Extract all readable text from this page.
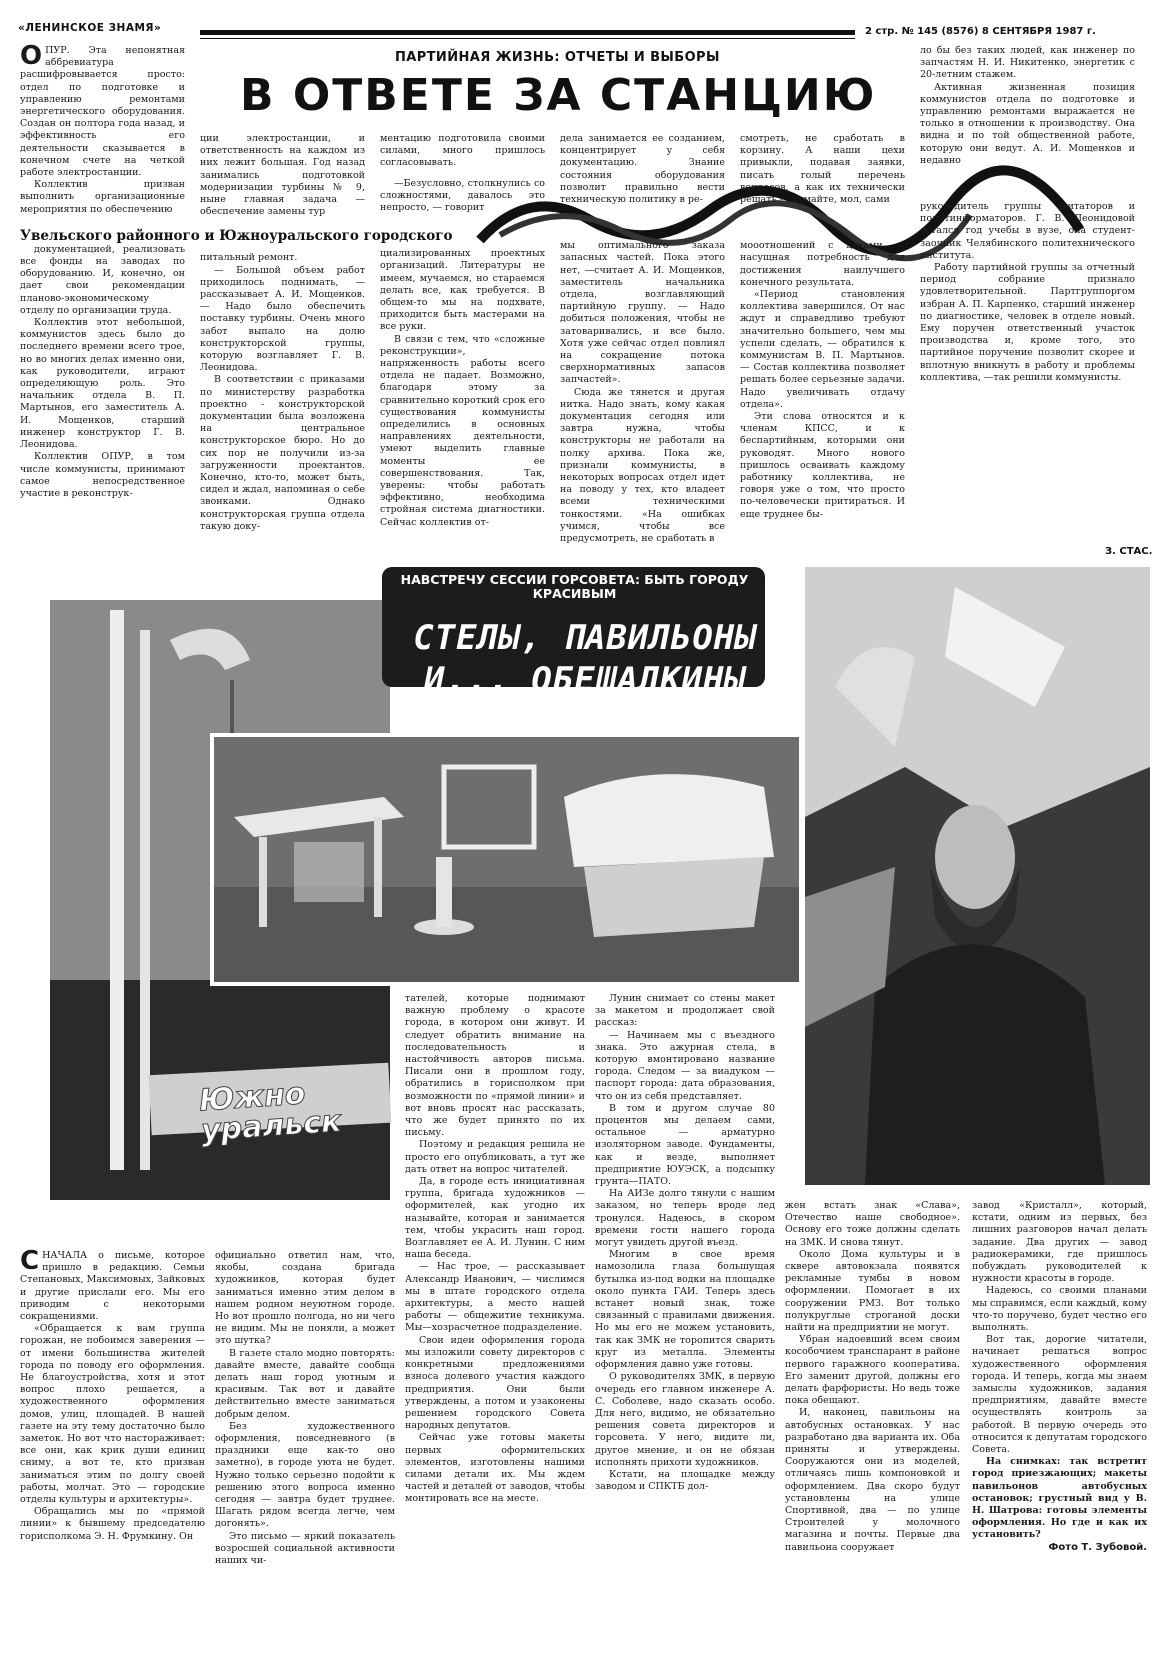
«ЛЕНИНСКОЕ ЗНАМЯ»	2 стр. № 145 (8576) 8 СЕНТЯБРЯ 1987 г.
ПАРТИЙНАЯ ЖИЗНЬ: ОТЧЕТЫ И ВЫБОРЫ
В ОТВЕТЕ ЗА СТАНЦИЮ
Увельского районного и Южноуральского городского
О ПУР. Эта непонятная аббревиатура расшифровывается просто: отдел по подготовке и управлению ремонтами энергетического оборудования. Создан он полтора года назад, и эффективность его деятельности сказывается в конечном счете на четкой работе электростанции.

Коллектив призван выполнить организационные мероприятия по обеспечению

документацией, реализовать все фонды на заводах по оборудованию. И, конечно, он дает свои рекомендации планово-экономическому отделу по организации труда.

Коллектив этот небольшой, коммунистов здесь было до последнего времени всего трое, но во многих делах именно они, как руководители, играют определяющую роль. Это начальник отдела В. П. Мартынов, его заместитель А. И. Мощенков, старший инженер конструктор Г. В. Леонидова.

Коллектив ОПУР, в том числе коммунисты, принимают самое непосредственное участие в реконструк-

ции электростанции, и ответственность на каждом из них лежит большая. Год назад занимались подготовкой модернизации турбины № 9, ныне главная задача — обеспечение замены тур

питальный ремонт.

— Большой объем работ приходилось поднимать, — рассказывает А. И. Мощенков. — Надо было обеспечить поставку турбины. Очень много забот выпало на долю конструкторской группы, которую возглавляет Г. В. Леонидова.

В соответствии с приказами по министерству разработка проектно - конструкторской документации была возложена на центральное конструкторское бюро. Но до сих пор не получили из-за загруженности проектантов. Конечно, кто-то, может быть, сидел и ждал, напоминая о себе звонками. Однако конструкторская группа отдела такую доку-

ментацию подготовила своими силами, много пришлось согласовывать.

—Безусловно, столкнулись со сложностями, давалось это непросто, — говорит

циализированных проектных организаций. Литературы не имеем, мучаемся, но стараемся делать все, как требуется. В общем-то мы на подхвате, приходится быть мастерами на все руки.

В связи с тем, что «сложные реконструкции», напряженность работы всего отдела не падает. Возможно, благодаря этому за сравнительно короткий срок его существования коммунисты определились в основных направлениях деятельности, умеют выделить главные моменты ее совершенствования. Так, уверены: чтобы работать эффективно, необходима стройная система диагностики. Сейчас коллектив от-

дела занимается ее созданием, концентрирует у себя документацию. Знание состояния оборудования позволит правильно вести техническую политику в ре-

мы оптимального заказа запасных частей. Пока этого нет, —считает А. И. Мощенков, заместитель начальника отдела, возглавляющий партийную группу. — Надо добиться положения, чтобы не затоваривались, и все было. Хотя уже сейчас отдел повлиял на сокращение потока сверхнормативных запасов запчастей».

Сюда же тянется и другая нитка. Надо знать, кому какая документация сегодня или завтра нужна, чтобы конструкторы не работали на полку архива. Пока же, признали коммунисты, в некоторых вопросах отдел идет на поводу у тех, кто владеет всеми техническими тонкостями. «На ошибках учимся, чтобы все предусмотреть, не сработать в

смотреть, не сработать в корзину. А наши цехи привыкли, подавая заявки, писать голый перечень вопросов, а как их технически решать — думайте, мол, сами

мооотношений с цехами — насущная потребность для достижения наилучшего конечного результата.

«Период становления коллектива завершился. От нас ждут и справедливо требуют значительно большего, чем мы успели сделать, — обратился к коммунистам В. П. Мартынов. — Состав коллектива позволяет решать более серьезные задачи. Надо увеличивать отдачу отдела».

Эти слова относятся и к членам КПСС, и к беспартийным, которыми они руководят. Много нового пришлось осваивать каждому работнику коллектива, не говоря уже о том, что просто по-человечески притираться. И еще труднее бы-

ло бы без таких людей, как инженер по запчастям Н. И. Никитенко, энергетик с 20-летним стажем.

Активная жизненная позиция коммунистов отдела по подготовке и управлению ремонтами выражается не только в отношении к производству. Она видна и по той общественной работе, которую они ведут. А. И. Мощенков и недавно

руководитель группы агитаторов и политинформаторов. Г. В. Леонидовой остался год учебы в вузе, она студент-заочник Челябинского политехнического института.

Работу партийной группы за отчетный период собрание признало удовлетворительной. Партгруппоргом избран А. П. Карпенко, старший инженер по диагностике, человек в отделе новый. Ему поручен ответственный участок производства и, кроме того, это партийное поручение позволит скорее и вплотную вникнуть в работу и проблемы коллектива, —так решили коммунисты.

З. СТАС.
Южно уральск
НАВСТРЕЧУ СЕССИИ ГОРСОВЕТА: БЫТЬ ГОРОДУ КРАСИВЫМ
СТЕЛЫ, ПАВИЛЬОНЫ
И... ОБЕЩАЛКИНЫ
С НАЧАЛА о письме, которое пришло в редакцию. Семьи Степановых, Максимовых, Зайковых и другие прислали его. Мы его приводим с некоторыми сокращениями.

«Обращается к вам группа горожан, не побоимся заверения — от имени большинства жителей города по поводу его оформления. Не благоустройства, хотя и этот вопрос плохо решается, а художественного оформления домов, улиц, площадей. В нашей газете на эту тему достаточно было заметок. Но вот что настораживает: все они, как крик души единиц сниму, а вот те, кто призван заниматься этим по долгу своей работы, молчат. Это — городские отделы культуры и архитектуры».

Обращались мы по «прямой линии» к бывшему председателю горисполкома Э. Н. Фрумкину. Он

официально ответил нам, что, якобы, создана бригада художников, которая будет заниматься именно этим делом в нашем родном неуютном городе. Но вот прошло полгода, но ни чего не видим. Мы не поняли, а может это шутка?

В газете стало модно повторять: давайте вместе, давайте сообща делать наш город уютным и красивым. Так вот и давайте действительно вместе заниматься добрым делом.

Без художественного оформления, повседневного (в праздники еще как-то оно заметно), в городе уюта не будет. Нужно только серьезно подойти к решению этого вопроса именно сегодня — завтра будет труднее. Шагать рядом всегда легче, чем догонять».

Это письмо — яркий показатель возросшей социальной активности наших чи-

тателей, которые поднимают важную проблему о красоте города, в котором они живут. И следует обратить внимание на последовательность и настойчивость авторов письма. Писали они в прошлом году, обратились в горисполком при возможности по «прямой линии» и вот вновь просят нас рассказать, что же будет принято по их письму.

Поэтому и редакция решила не просто его опубликовать, а тут же дать ответ на вопрос читателей.

Да, в городе есть инициативная группа, бригада художников — оформителей, как угодно их называйте, которая и занимается тем, чтобы украсить наш город. Возглавляет ее А. И. Лунин. С ним наша беседа.

— Нас трое, — рассказывает Александр Иванович, — числимся мы в штате городского отдела архитектуры, а место нашей работы — общежитие техникума. Мы—хозрасчетное подразделение.

Свои идеи оформления города мы изложили совету директоров с конкретными предложениями взноса долевого участия каждого предприятия. Они были утверждены, а потом и узаконены решением городского Совета народных депутатов.

Сейчас уже готовы макеты первых оформительских элементов, изготовлены нашими силами детали их. Мы ждем частей и деталей от заводов, чтобы монтировать все на месте.

Лунин снимает со стены макет за макетом и продолжает свой рассказ:

— Начинаем мы с въездного знака. Это ажурная стела, в которую вмонтировано название города. Следом — за виадуком —паспорт города: дата образования, что он из себя представляет.

В том и другом случае 80 процентов мы делаем сами, остальное — арматурно изоляторном заводе. Фундаменты, как и везде, выполняет предприятие ЮУЭСК, а подсыпку грунта—ПАТО.

На АИЗе долго тянули с нашим заказом, но теперь вроде лед тронулся. Надеюсь, в скором времени гости нашего города могут увидеть другой въезд.

Многим в свое время намозолила глаза большущая бутылка из-под водки на площадке около пункта ГАИ. Теперь здесь встанет новый знак, тоже связанный с правилами движения. Но мы его не можем установить, так как ЗМК не торопится сварить круг из металла. Элементы оформления давно уже готовы.

О руководителях ЗМК, в первую очередь его главном инженере А. С. Соболеве, надо сказать особо. Для него, видимо, не обязательно решения совета директоров и горсовета. У него, видите ли, другое мнение, и он не обязан исполнять прихоти художников.

Кстати, на площадке между заводом и СПКТБ дол-

жен встать знак «Слава», Отечество наше свободное». Основу его тоже должны сделать на ЗМК. И снова тянут.

Около Дома культуры и в сквере автовокзала появятся рекламные тумбы в новом оформлении. Помогает в их сооружении РМЗ. Вот только полукруглые строганой доски найти на предприятии не могут.

Убран надоевший всем своим кособочием транспарант в районе первого гаражного кооператива. Его заменит другой, должны его делать фарфористы. Но ведь тоже пока обещают.

И, наконец, павильоны на автобусных остановках. У нас разработано два варианта их. Оба приняты и утверждены. Сооружаются они из моделей, отличаясь лишь компоновкой и оформлением. Два скоро будут установлены на улице Спортивной, два — по улице Строителей у молочного магазина и почты. Первые два павильона сооружает

завод «Кристалл», который, кстати, одним из первых, без лишних разговоров начал делать задание. Два других — завод радиокерамики, где пришлось побуждать руководителей к нужности красоты в городе.

Надеюсь, со своими планами мы справимся, если каждый, кому что-то поручено, будет честно его выполнять.

Вот так, дорогие читатели, начинает решаться вопрос художественного оформления города. И теперь, когда мы знаем замыслы художников, задания предприятиям, давайте вместе осуществлять контроль за работой. В первую очередь это относится к депутатам городского Совета.

На снимках: так встретит город приезжающих; макеты павильонов автобусных остановок; грустный вид у В. Н. Шатрова: готовы элементы оформления. Но где и как их установить?

Фото Т. Зубовой.
